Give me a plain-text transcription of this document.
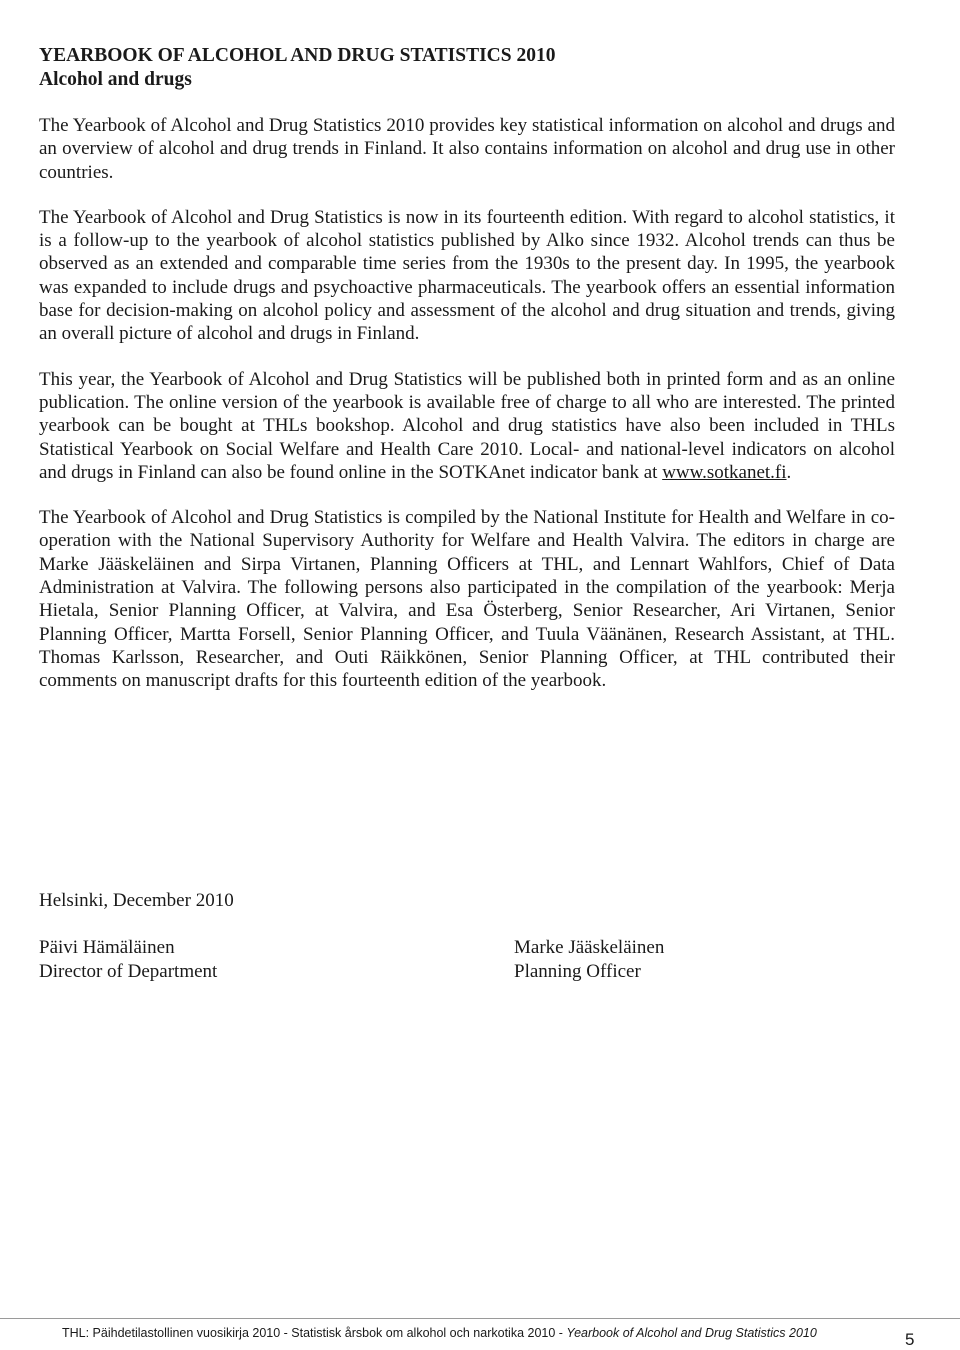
YEARBOOK OF ALCOHOL AND DRUG STATISTICS 2010
Alcohol and drugs

The Yearbook of Alcohol and Drug Statistics 2010 provides key statistical information on alcohol and drugs and an overview of alcohol and drug trends in Finland. It also contains information on alcohol and drug use in other countries.

The Yearbook of Alcohol and Drug Statistics is now in its fourteenth edition. With regard to alcohol statistics, it is a follow-up to the yearbook of alcohol statistics published by Alko since 1932. Alcohol trends can thus be observed as an extended and comparable time series from the 1930s to the present day. In 1995, the yearbook was expanded to include drugs and psychoactive pharmaceuticals. The yearbook offers an essential information base for decision-making on alcohol policy and assessment of the alcohol and drug situation and trends, giving an overall picture of alcohol and drugs in Finland.

This year, the Yearbook of Alcohol and Drug Statistics will be published both in printed form and as an online publication. The online version of the yearbook is available free of charge to all who are interested. The printed yearbook can be bought at THLs bookshop. Alcohol and drug statistics have also been included in THLs Statistical Yearbook on Social Welfare and Health Care 2010. Local- and national-level indicators on alcohol and drugs in Finland can also be found online in the SOTKAnet indicator bank at www.sotkanet.fi.

The Yearbook of Alcohol and Drug Statistics is compiled by the National Institute for Health and Welfare in co-operation with the National Supervisory Authority for Welfare and Health Valvira. The editors in charge are Marke Jääskeläinen and Sirpa Virtanen, Planning Officers at THL, and Lennart Wahlfors, Chief of Data Administration at Valvira. The following persons also participated in the compilation of the yearbook: Merja Hietala, Senior Planning Officer, at Valvira, and Esa Österberg, Senior Researcher, Ari Virtanen, Senior Planning Officer, Martta Forsell, Senior Planning Officer, and Tuula Väänänen, Research Assistant, at THL. Thomas Karlsson, Researcher, and Outi Räikkönen, Senior Planning Officer, at THL contributed their comments on manuscript drafts for this fourteenth edition of the yearbook.

Helsinki, December 2010

Päivi Hämäläinen
Director of Department
Marke Jääskeläinen
Planning Officer
THL: Päihdetilastollinen vuosikirja 2010 - Statistisk årsbok om alkohol och narkotika 2010 - Yearbook of Alcohol and Drug Statistics 2010	5
